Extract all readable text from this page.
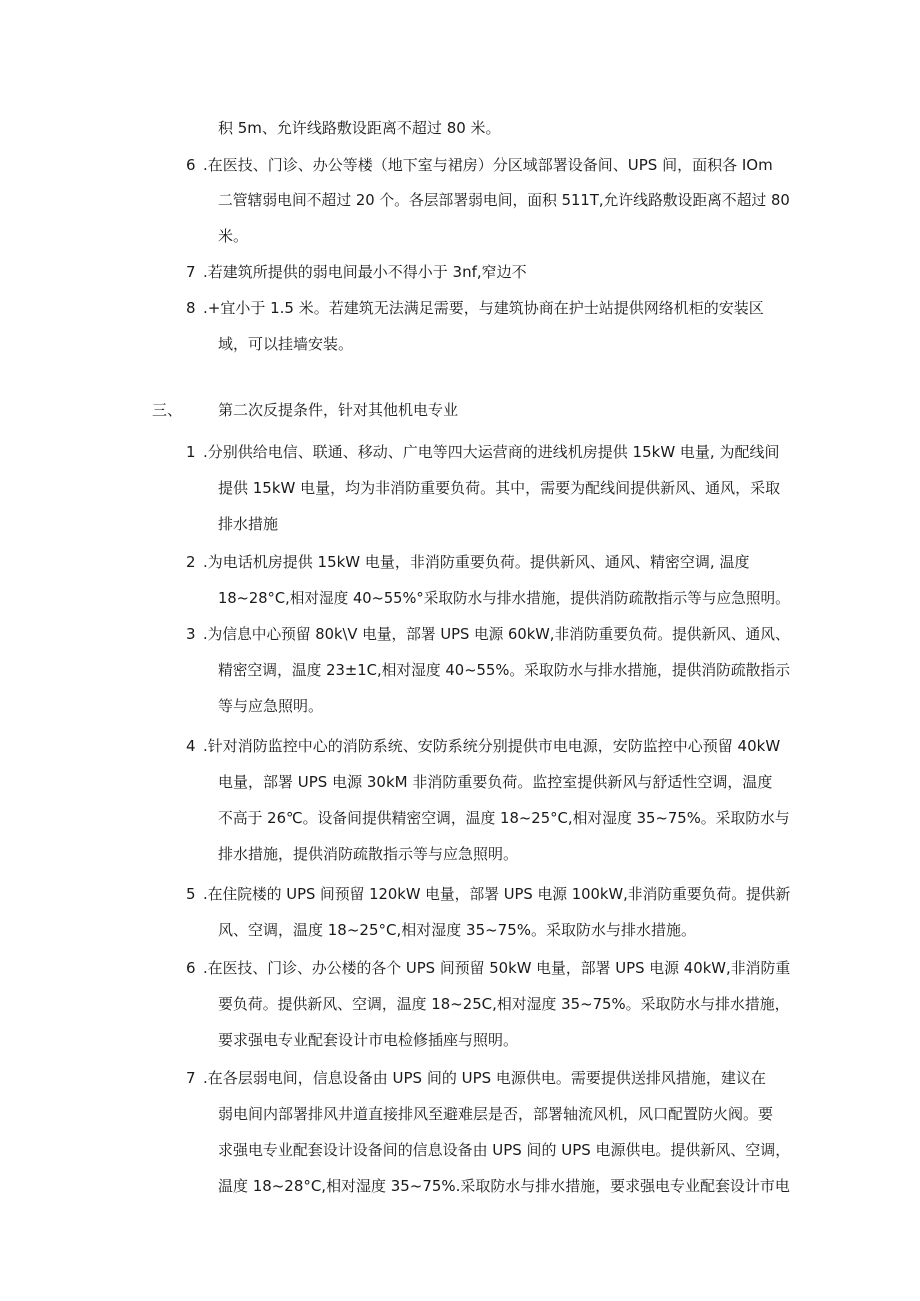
积 5m、允许线路敷设距离不超过 80 米。
6 .在医技、门诊、办公等楼（地下室与裙房）分区域部署设备间、UPS 间，面积各 IOm
二管辖弱电间不超过 20 个。各层部署弱电间，面积 511T,允许线路敷设距离不超过 80
米。
7 .若建筑所提供的弱电间最小不得小于 3nf,窄边不
8 .+宜小于 1.5 米。若建筑无法满足需要，与建筑协商在护士站提供网络机柜的安装区
域，可以挂墙安装。
三、 第二次反提条件，针对其他机电专业
1 .分别供给电信、联通、移动、广电等四大运营商的进线机房提供 15kW 电量, 为配线间
提供 15kW 电量，均为非消防重要负荷。其中，需要为配线间提供新风、通风，采取
排水措施
2 .为电话机房提供 15kW 电量，非消防重要负荷。提供新风、通风、精密空调, 温度
18~28°C,相对湿度 40~55%°采取防水与排水措施，提供消防疏散指示等与应急照明。
3 .为信息中心预留 80k\V 电量，部署 UPS 电源 60kW,非消防重要负荷。提供新风、通风、
精密空调，温度 23±1C,相对湿度 40~55%。采取防水与排水措施，提供消防疏散指示
等与应急照明。
4 .针对消防监控中心的消防系统、安防系统分别提供市电电源，安防监控中心预留 40kW
电量，部署 UPS 电源 30kM 非消防重要负荷。监控室提供新风与舒适性空调，温度
不高于 26℃。设备间提供精密空调，温度 18~25°C,相对湿度 35~75%。采取防水与
排水措施，提供消防疏散指示等与应急照明。
5 .在住院楼的 UPS 间预留 120kW 电量，部署 UPS 电源 100kW,非消防重要负荷。提供新
风、空调，温度 18~25°C,相对湿度 35~75%。采取防水与排水措施。
6 .在医技、门诊、办公楼的各个 UPS 间预留 50kW 电量，部署 UPS 电源 40kW,非消防重
要负荷。提供新风、空调，温度 18~25C,相对湿度 35~75%。采取防水与排水措施，
要求强电专业配套设计市电检修插座与照明。
7 .在各层弱电间，信息设备由 UPS 间的 UPS 电源供电。需要提供送排风措施，建议在
弱电间内部署排风井道直接排风至避难层是否，部署轴流风机，风口配置防火阀。要
求强电专业配套设计设备间的信息设备由 UPS 间的 UPS 电源供电。提供新风、空调，
温度 18~28°C,相对湿度 35~75%.采取防水与排水措施，要求强电专业配套设计市电
